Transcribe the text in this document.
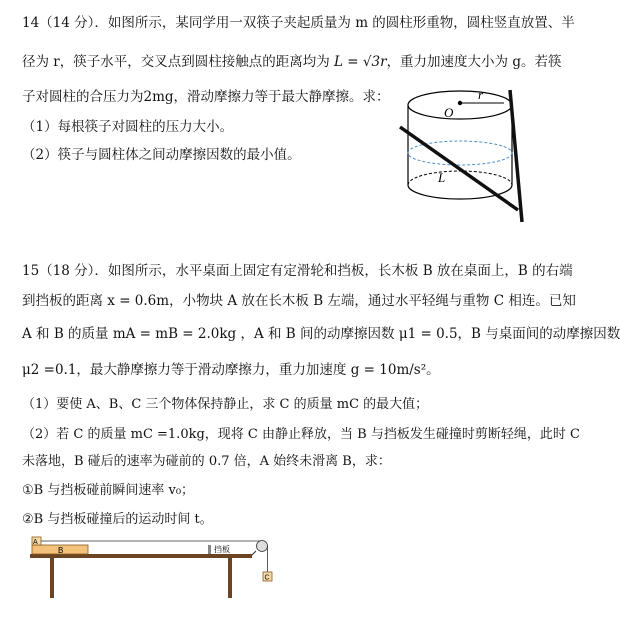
14（14 分）．如图所示，某同学用一双筷子夹起质量为 m 的圆柱形重物，圆柱竖直放置、半
径为 r，筷子水平，交叉点到圆柱接触点的距离均为 L = √3r，重力加速度大小为 g。若筷
子对圆柱的合压力为2mg，滑动摩擦力等于最大静摩擦。求：
（1）每根筷子对圆柱的压力大小。
（2）筷子与圆柱体之间动摩擦因数的最小值。
O
r
L
15（18 分）．如图所示，水平桌面上固定有定滑轮和挡板，长木板 B 放在桌面上，B 的右端
到挡板的距离 x = 0.6m，小物块 A 放在长木板 B 左端，通过水平轻绳与重物 C 相连。已知
A 和 B 的质量 mA = mB = 2.0kg ，A 和 B 间的动摩擦因数 μ1 = 0.5，B 与桌面间的动摩擦因数
μ2 =0.1，最大静摩擦力等于滑动摩擦力，重力加速度 g = 10m/s²。
（1）要使 A、B、C 三个物体保持静止，求 C 的质量 mC 的最大值；
（2）若 C 的质量 mC =1.0kg，现将 C 由静止释放，当 B 与挡板发生碰撞时剪断轻绳，此时 C
未落地，B 碰后的速率为碰前的 0.7 倍，A 始终未滑离 B，求：
①B 与挡板碰前瞬间速率 v₀；
②B 与挡板碰撞后的运动时间 t。
B
A
挡板
C
